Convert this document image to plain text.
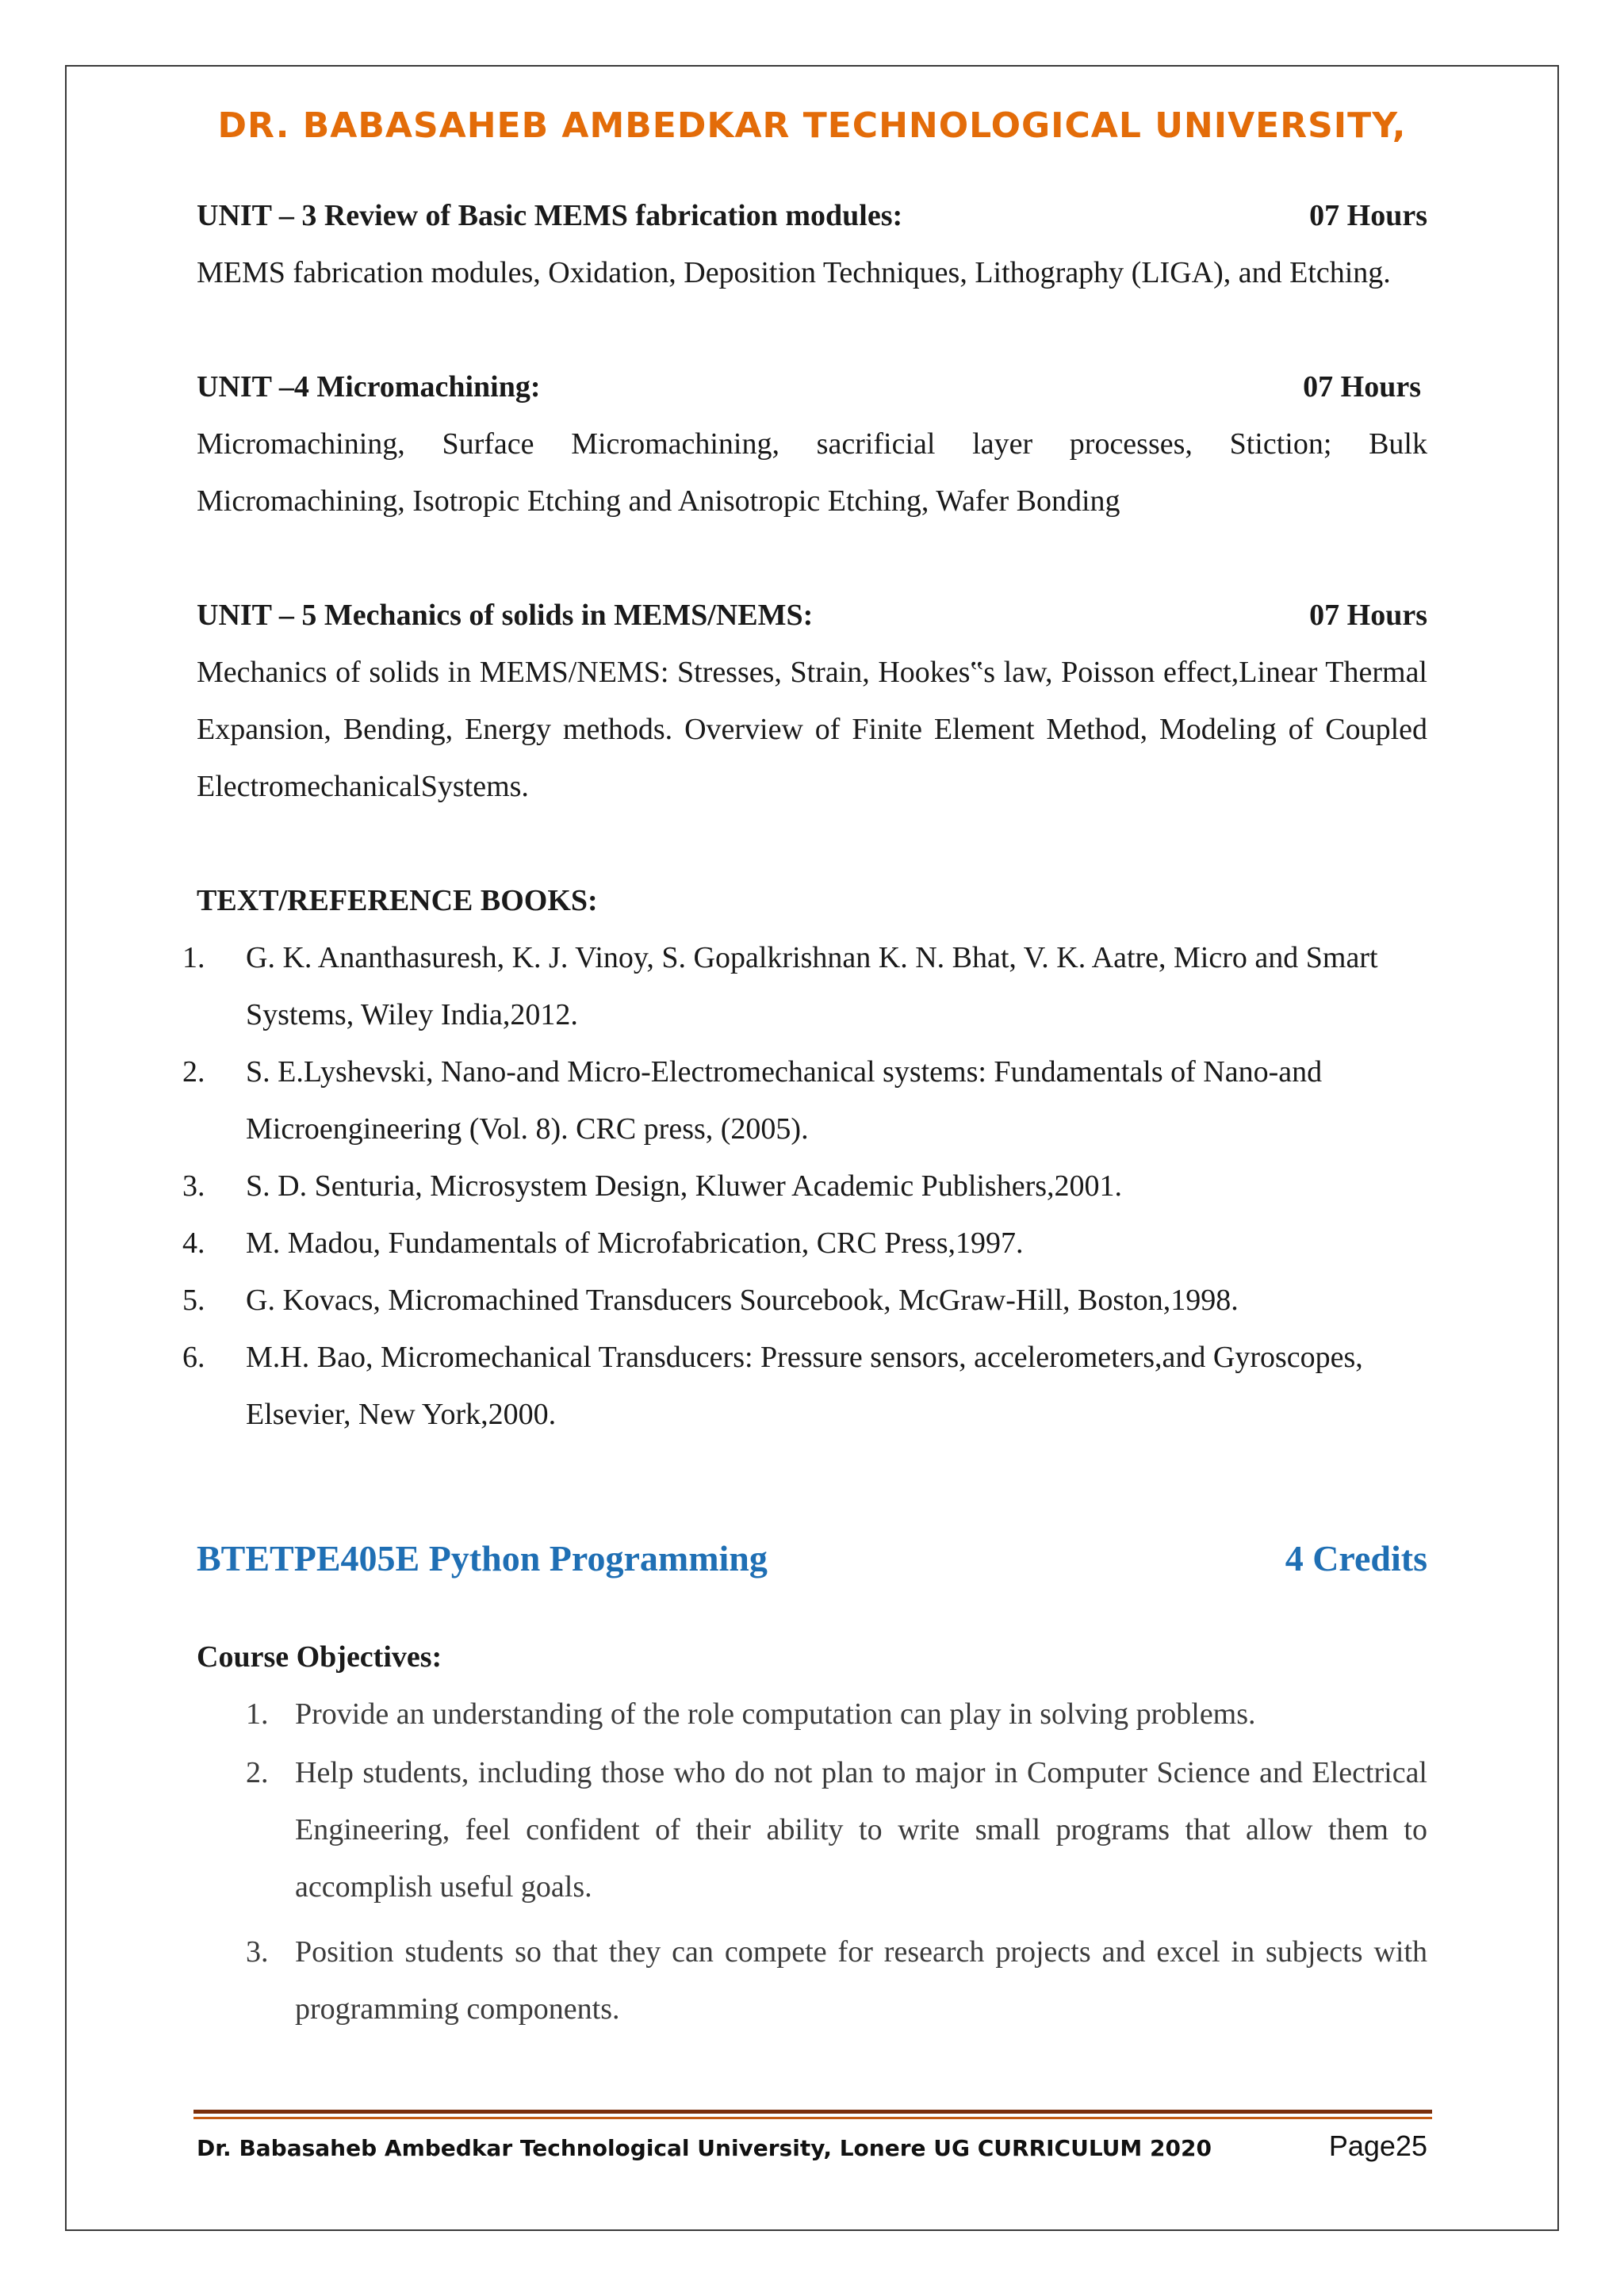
DR. BABASAHEB AMBEDKAR TECHNOLOGICAL UNIVERSITY,
UNIT – 3 Review of Basic MEMS fabrication modules:	07 Hours
MEMS fabrication modules, Oxidation, Deposition Techniques, Lithography (LIGA), and Etching.
UNIT –4 Micromachining:	07 Hours
Micromachining, Surface Micromachining, sacrificial layer processes, Stiction; Bulk Micromachining, Isotropic Etching and Anisotropic Etching, Wafer Bonding
UNIT – 5 Mechanics of solids in MEMS/NEMS:	07 Hours
Mechanics of solids in MEMS/NEMS: Stresses, Strain, Hookes‟s law, Poisson effect,Linear Thermal Expansion, Bending, Energy methods. Overview of Finite Element Method, Modeling of Coupled ElectromechanicalSystems.
TEXT/REFERENCE BOOKS:
1. G. K. Ananthasuresh, K. J. Vinoy, S. Gopalkrishnan K. N. Bhat, V. K. Aatre, Micro and Smart Systems, Wiley India,2012.
2. S. E.Lyshevski, Nano-and Micro-Electromechanical systems: Fundamentals of Nano-and Microengineering (Vol. 8). CRC press, (2005).
3. S. D. Senturia, Microsystem Design, Kluwer Academic Publishers,2001.
4. M. Madou, Fundamentals of Microfabrication, CRC Press,1997.
5. G. Kovacs, Micromachined Transducers Sourcebook, McGraw-Hill, Boston,1998.
6. M.H. Bao, Micromechanical Transducers: Pressure sensors, accelerometers,and Gyroscopes, Elsevier, New York,2000.
BTETPE405E Python Programming	4 Credits
Course Objectives:
1. Provide an understanding of the role computation can play in solving problems.
2. Help students, including those who do not plan to major in Computer Science and Electrical Engineering, feel confident of their ability to write small programs that allow them to accomplish useful goals.
3. Position students so that they can compete for research projects and excel in subjects with programming components.
Dr. Babasaheb Ambedkar Technological University, Lonere UG CURRICULUM 2020	Page25
